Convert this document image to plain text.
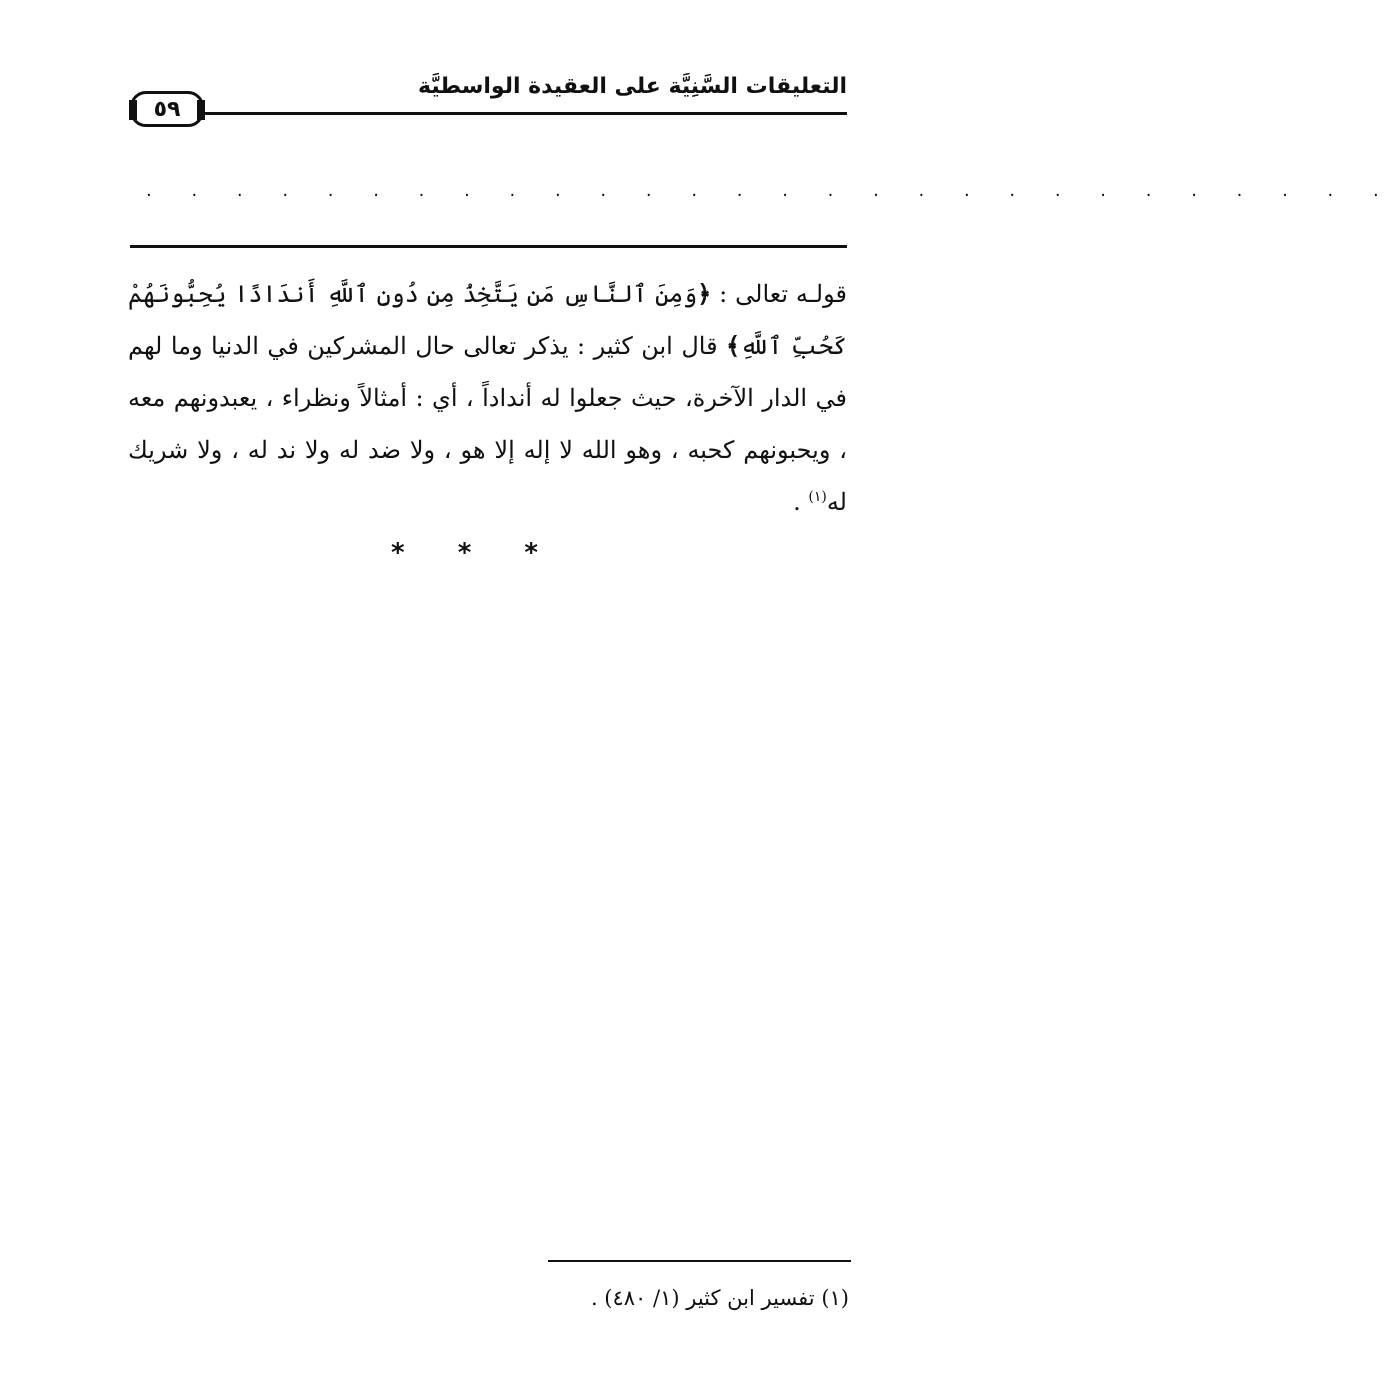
التعليقات السَّنِيَّة على العقيدة الواسطيَّة
٥٩
. . . . . . . . . . . . . . . . . . . . . . . . . . . .
قولـه تعالى : ﴿وَمِنَ ٱلنَّاسِ مَن يَتَّخِذُ مِن دُونِ ٱللَّهِ أَندَادًا يُحِبُّونَهُمْ كَحُبِّ ٱللَّهِ﴾ قال ابن كثير : يذكر تعالى حال المشركين في الدنيا وما لهم في الدار الآخرة، حيث جعلوا له أنداداً ، أي : أمثالاً ونظراء ، يعبدونهم معه ، ويحبونهم كحبه ، وهو الله لا إله إلا هو ، ولا ضد له ولا ند له ، ولا شريك له$^{(١)}$ .
* * *
(١) تفسير ابن كثير (١/ ٤٨٠) .
